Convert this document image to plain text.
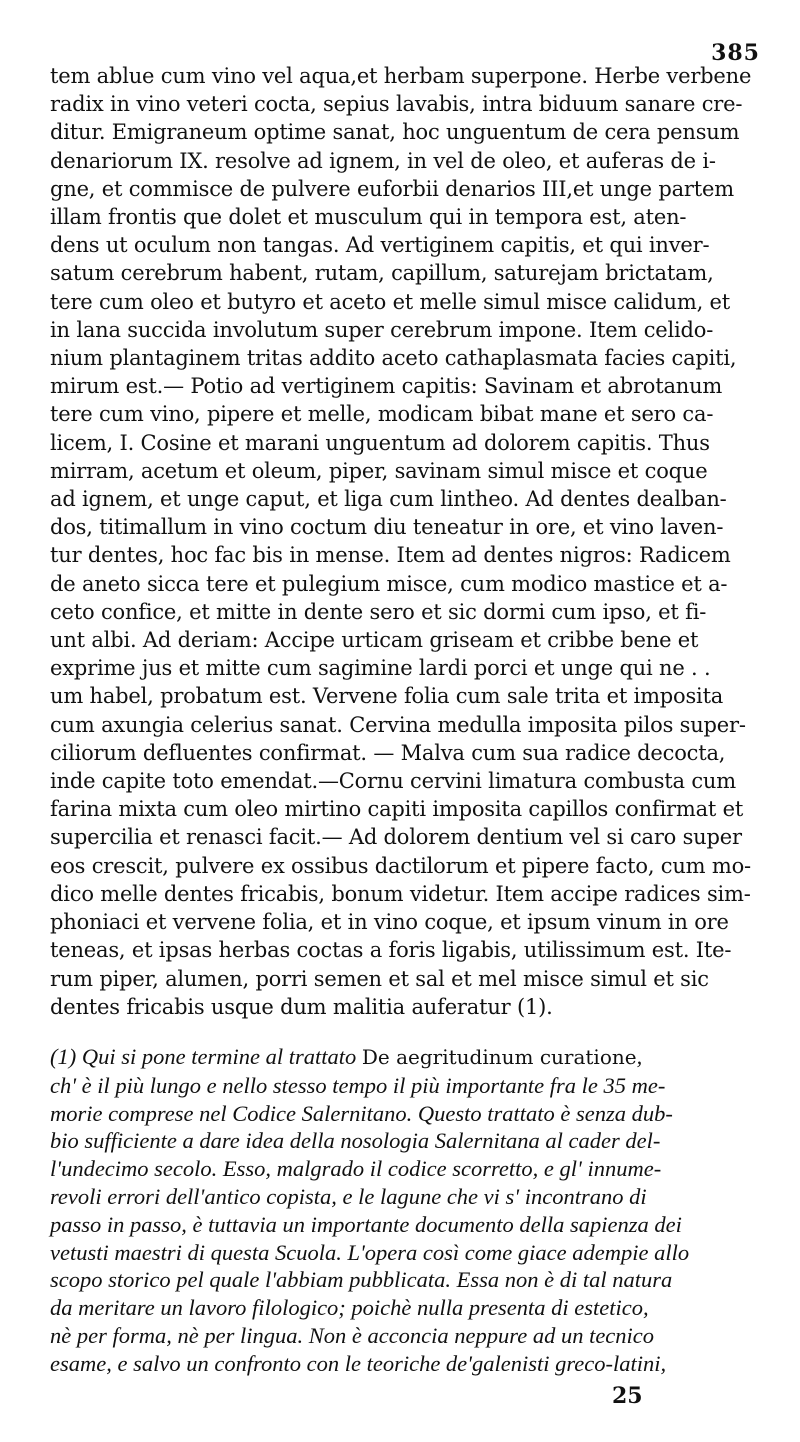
385
tem ablue cum vino vel aqua,et herbam superpone. Herbe verbene
radix in vino veteri cocta, sepius lavabis, intra biduum sanare cre-
ditur. Emigraneum optime sanat, hoc unguentum de cera pensum
denariorum IX. resolve ad ignem, in vel de oleo, et auferas de i-
gne, et commisce de pulvere euforbii denarios III,et unge partem
illam frontis que dolet et musculum qui in tempora est, aten-
dens ut oculum non tangas. Ad vertiginem capitis, et qui inver-
satum cerebrum habent, rutam, capillum, saturejam brictatam,
tere cum oleo et butyro et aceto et melle simul misce calidum, et
in lana succida involutum super cerebrum impone. Item celido-
nium plantaginem tritas addito aceto cathaplasmata facies capiti,
mirum est.— Potio ad vertiginem capitis: Savinam et abrotanum
tere cum vino, pipere et melle, modicam bibat mane et sero ca-
licem, I. Cosine et marani unguentum ad dolorem capitis. Thus
mirram, acetum et oleum, piper, savinam simul misce et coque
ad ignem, et unge caput, et liga cum lintheo. Ad dentes dealban-
dos, titimallum in vino coctum diu teneatur in ore, et vino laven-
tur dentes, hoc fac bis in mense. Item ad dentes nigros: Radicem
de aneto sicca tere et pulegium misce, cum modico mastice et a-
ceto confice, et mitte in dente sero et sic dormi cum ipso, et fi-
unt albi. Ad deriam: Accipe urticam griseam et cribbe bene et
exprime jus et mitte cum sagimine lardi porci et unge qui ne . .
um habel, probatum est. Vervene folia cum sale trita et imposita
cum axungia celerius sanat. Cervina medulla imposita pilos super-
ciliorum defluentes confirmat. — Malva cum sua radice decocta,
inde capite toto emendat.—Cornu cervini limatura combusta cum
farina mixta cum oleo mirtino capiti imposita capillos confirmat et
supercilia et renasci facit.— Ad dolorem dentium vel si caro super
eos crescit, pulvere ex ossibus dactilorum et pipere facto, cum mo-
dico melle dentes fricabis, bonum videtur. Item accipe radices sim-
phoniaci et vervene folia, et in vino coque, et ipsum vinum in ore
teneas, et ipsas herbas coctas a foris ligabis, utilissimum est. Ite-
rum piper, alumen, porri semen et sal et mel misce simul et sic
dentes fricabis usque dum malitia auferatur (1).
(1) Qui si pone termine al trattato De aegritudinum curatione,
ch' è il più lungo e nello stesso tempo il più importante fra le 35 me-
morie comprese nel Codice Salernitano. Questo trattato è senza dub-
bio sufficiente a dare idea della nosologia Salernitana al cader del-
l'undecimo secolo. Esso, malgrado il codice scorretto, e gl' innume-
revoli errori dell'antico copista, e le lagune che vi s' incontrano di
passo in passo, è tuttavia un importante documento della sapienza dei
vetusti maestri di questa Scuola. L'opera così come giace adempie allo
scopo storico pel quale l'abbiam pubblicata. Essa non è di tal natura
da meritare un lavoro filologico; poichè nulla presenta di estetico,
nè per forma, nè per lingua. Non è acconcia neppure ad un tecnico
esame, e salvo un confronto con le teoriche de'galenisti greco-latini,
25
